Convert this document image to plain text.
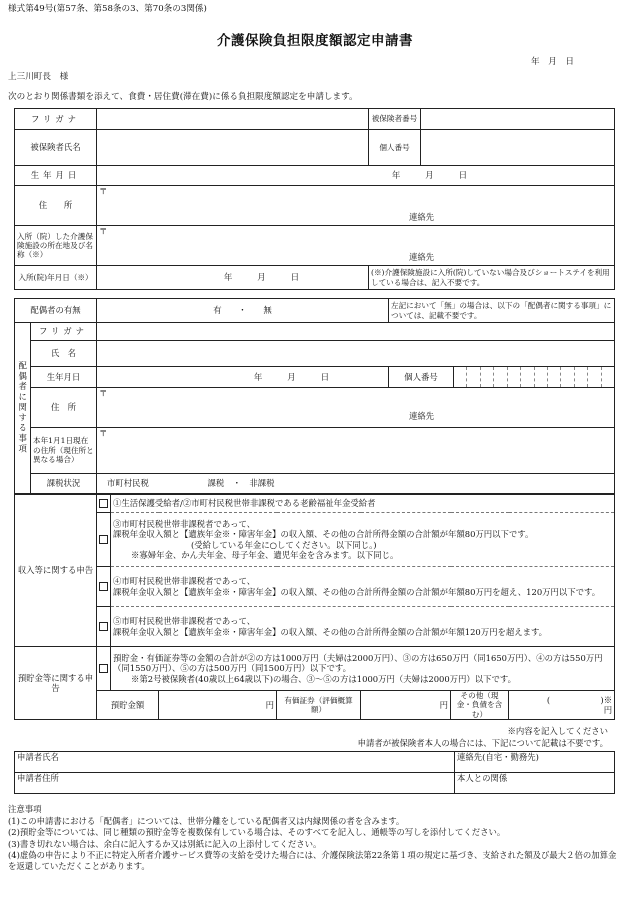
様式第49号(第57条、第58条の3、第70条の3関係)
介護保険負担限度額認定申請書
年　月　日
上三川町長　様
次のとおり関係書類を添えて、食費・居住費(滞在費)に係る負担限度額認定を申請します。
フリガナ		被保険者番号	

被保険者氏名		個人番号	

生年月日	年　　　月　　　日		
住　　所	〒
連絡先		

入所（院）した介護保険施設の所在地及び名称（※）	〒
連絡先		

入所(院)年月日（※）	年　　　月　　　日	(※)介護保険施設に入所(院)していない場合及びショートステイを利用している場合は、記入不要です。	
配偶者の有無		有　　・　　無	左記において「無」の場合は、以下の「配偶者に関する事項」については、記載不要です。
配偶者に関する事項	フリガナ		
	氏　名		
	生年月日	年　　　月　　　日	個人番号

	住　所	〒
連絡先	

	本年1月1日現在の住所（現住所と異なる場合）	〒	
	課税状況	市町村民税　　　　　　　課税　・　非課税	
収入等に関する申告		①生活保護受給者/②市町村民税世帯非課税である老齢福祉年金受給者					

		③市町村民税世帯非課税者であって、
課税年金収入額と【遺族年金※・障害年金】の収入額、その他の合計所得金額の合計額が年額80万円以下です。
(受給している年金に○してください。以下同じ。)
※寡婦年金、かん夫年金、母子年金、遺児年金を含みます。以下同じ。					

		④市町村民税世帯非課税者であって、
課税年金収入額と【遺族年金※・障害年金】の収入額、その他の合計所得金額の合計額が年額80万円を超え、120万円以下です。					

		⑤市町村民税世帯非課税者であって、
課税年金収入額と【遺族年金※・障害年金】の収入額、その他の合計所得金額の合計額が年額120万円を超えます。					

預貯金等に関する申告		預貯金・有価証券等の金額の合計が②の方は1000万円（夫婦は2000万円）、③の方は650万円（同1650万円）、④の方は550万円（同1550万円）、⑤の方は500万円（同1500万円）以下です。
※第2号被保険者(40歳以上64歳以下)の場合、③～⑤の方は1000万円（夫婦は2000万円）以下です。					

	預貯金額		円	有価証券（評価概算額）	円	その他（現金・負債を含む）	(　　　　　　)※
円
※内容を記入してください
申請者が被保険者本人の場合には、下記について記載は不要です。
申請者氏名	連絡先(自宅・勤務先)
申請者住所	本人との関係
注意事項
(1)この申請書における「配偶者」については、世帯分離をしている配偶者又は内縁関係の者を含みます。
(2)預貯金等については、同じ種類の預貯金等を複数保有している場合は、そのすべてを記入し、通帳等の写しを添付してください。
(3)書き切れない場合は、余白に記入するか又は別紙に記入の上添付してください。
(4)虚偽の申告により不正に特定入所者介護サービス費等の支給を受けた場合には、介護保険法第22条第１項の規定に基づき、支給された額及び最大２倍の加算金を返還していただくことがあります。
